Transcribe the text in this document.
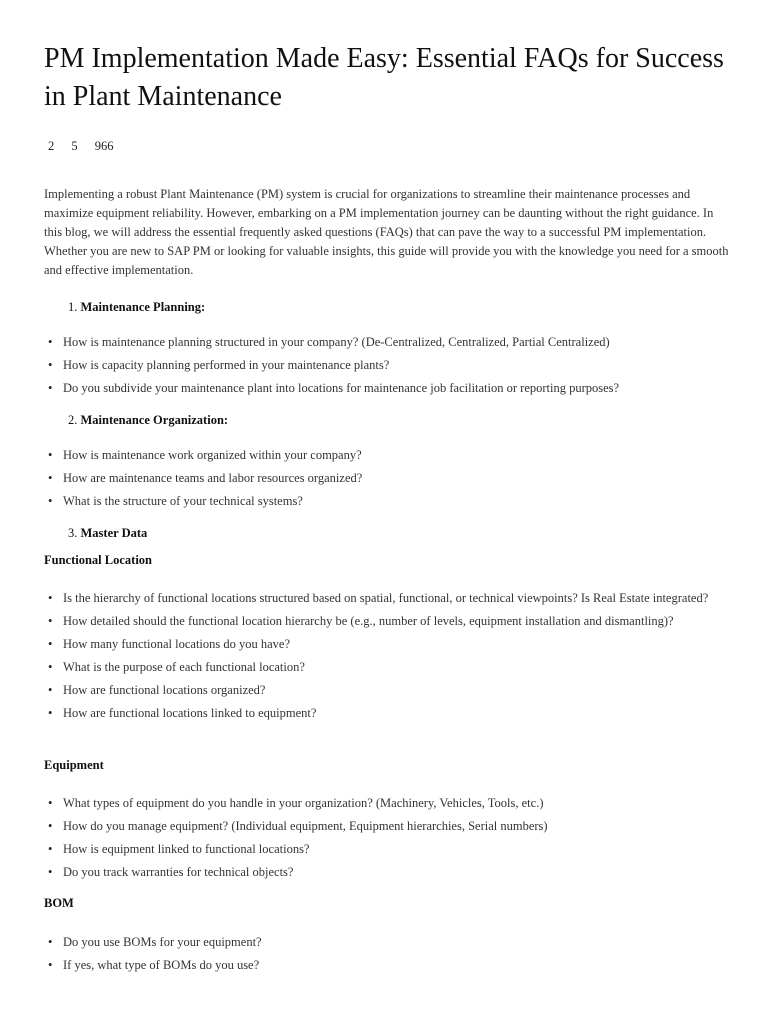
PM Implementation Made Easy: Essential FAQs for Success in Plant Maintenance
2 5 966

Implementing a robust Plant Maintenance (PM) system is crucial for organizations to streamline their maintenance processes and maximize equipment reliability. However, embarking on a PM implementation journey can be daunting without the right guidance. In this blog, we will address the essential frequently asked questions (FAQs) that can pave the way to a successful PM implementation. Whether you are new to SAP PM or looking for valuable insights, this guide will provide you with the knowledge you need for a smooth and effective implementation.

1. Maintenance Planning:
• How is maintenance planning structured in your company? (De-Centralized, Centralized, Partial Centralized)
• How is capacity planning performed in your maintenance plants?
• Do you subdivide your maintenance plant into locations for maintenance job facilitation or reporting purposes?
2. Maintenance Organization:
• How is maintenance work organized within your company?
• How are maintenance teams and labor resources organized?
• What is the structure of your technical systems?
3. Master Data
Functional Location
• Is the hierarchy of functional locations structured based on spatial, functional, or technical viewpoints? Is Real Estate integrated?
• How detailed should the functional location hierarchy be (e.g., number of levels, equipment installation and dismantling)?
• How many functional locations do you have?
• What is the purpose of each functional location?
• How are functional locations organized?
• How are functional locations linked to equipment?
Equipment
• What types of equipment do you handle in your organization? (Machinery, Vehicles, Tools, etc.)
• How do you manage equipment? (Individual equipment, Equipment hierarchies, Serial numbers)
• How is equipment linked to functional locations?
• Do you track warranties for technical objects?
BOM
• Do you use BOMs for your equipment?
• If yes, what type of BOMs do you use?
